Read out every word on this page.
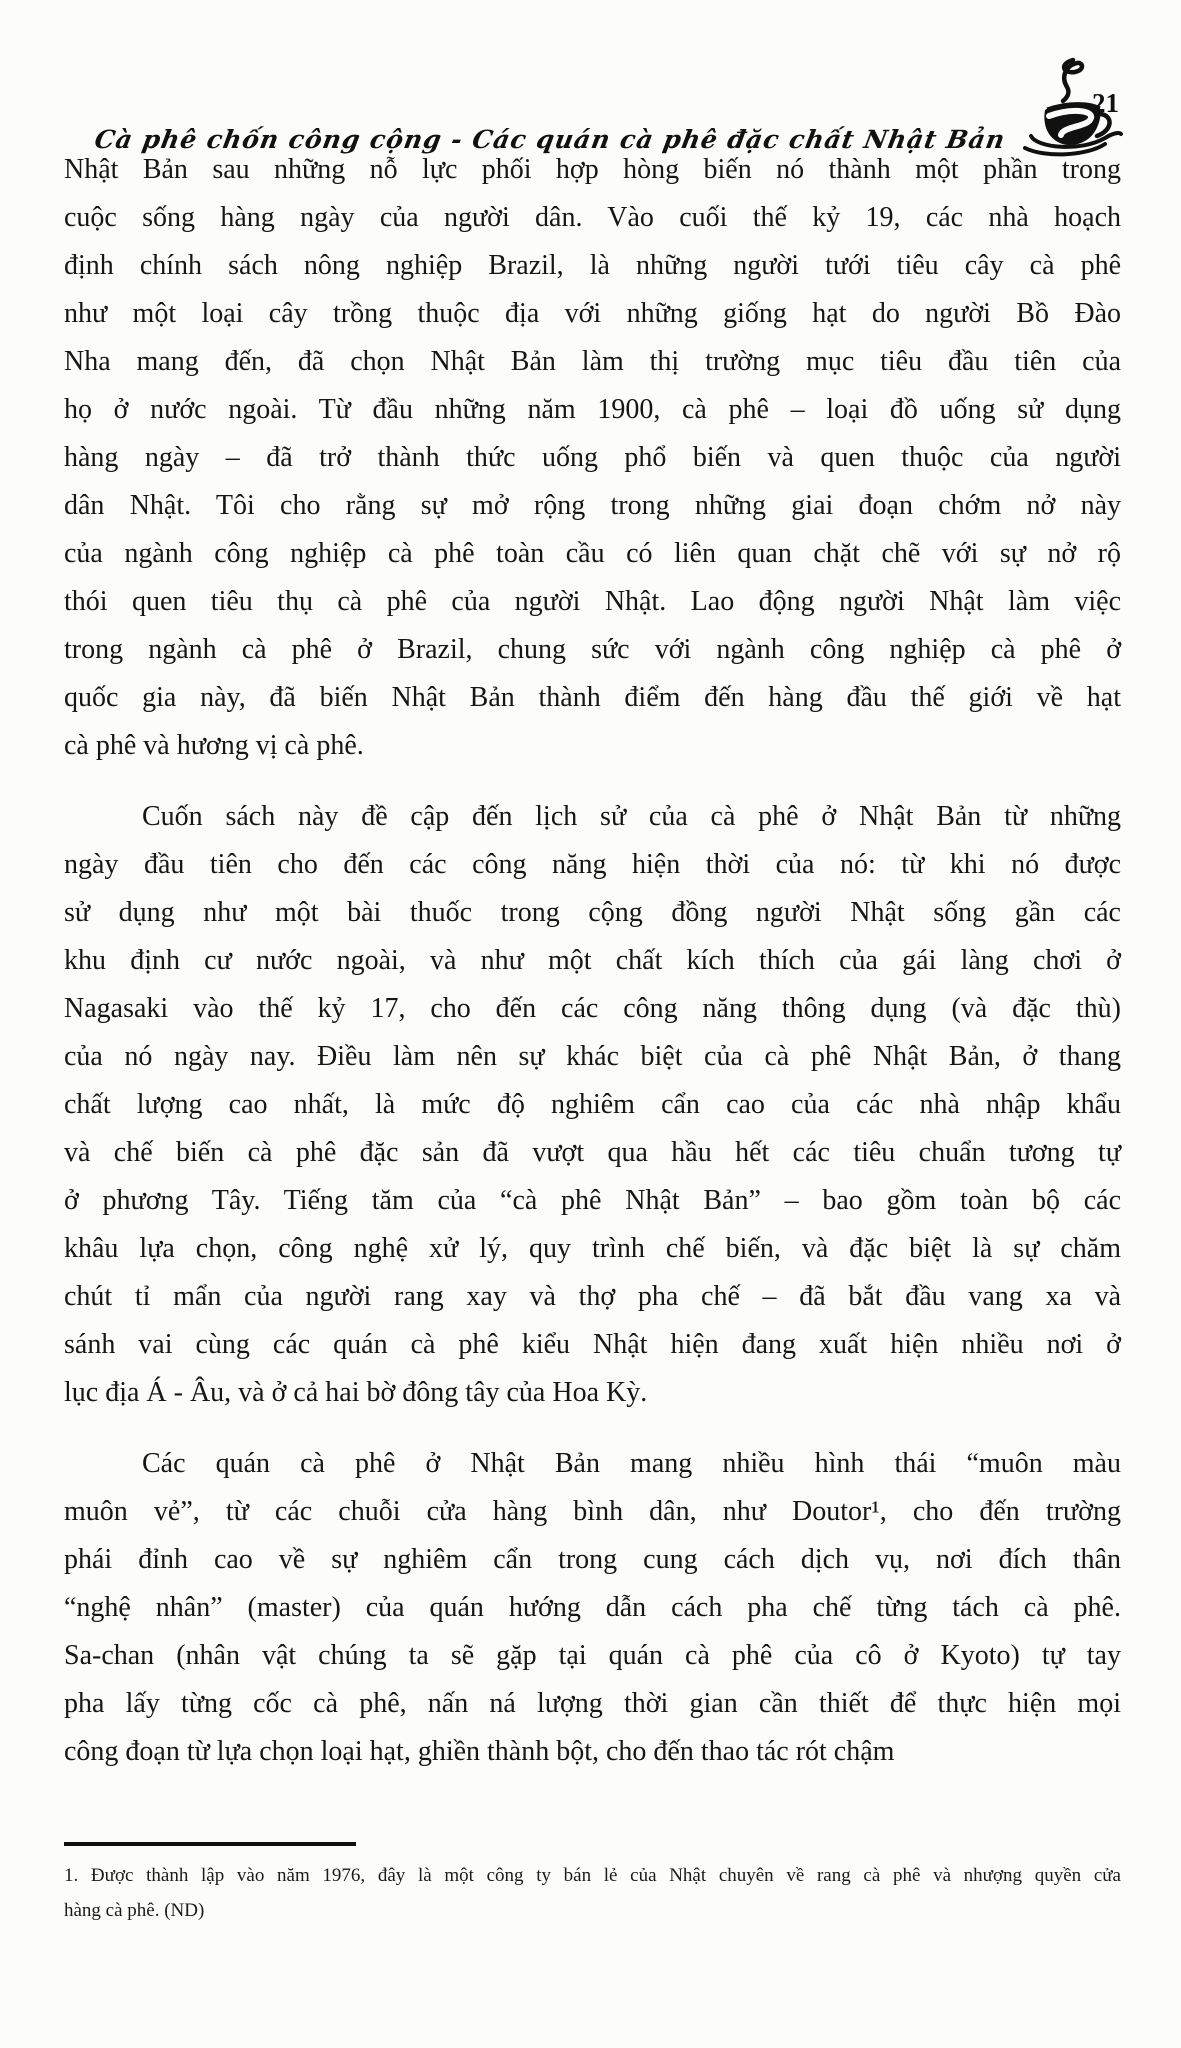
Cà phê chốn công cộng - Các quán cà phê đặc chất Nhật Bản
21
Nhật Bản sau những nỗ lực phối hợp hòng biến nó thành một phần trong
cuộc sống hàng ngày của người dân. Vào cuối thế kỷ 19, các nhà hoạch
định chính sách nông nghiệp Brazil, là những người tưới tiêu cây cà phê
như một loại cây trồng thuộc địa với những giống hạt do người Bồ Đào
Nha mang đến, đã chọn Nhật Bản làm thị trường mục tiêu đầu tiên của
họ ở nước ngoài. Từ đầu những năm 1900, cà phê – loại đồ uống sử dụng
hàng ngày – đã trở thành thức uống phổ biến và quen thuộc của người
dân Nhật. Tôi cho rằng sự mở rộng trong những giai đoạn chớm nở này
của ngành công nghiệp cà phê toàn cầu có liên quan chặt chẽ với sự nở rộ
thói quen tiêu thụ cà phê của người Nhật. Lao động người Nhật làm việc
trong ngành cà phê ở Brazil, chung sức với ngành công nghiệp cà phê ở
quốc gia này, đã biến Nhật Bản thành điểm đến hàng đầu thế giới về hạt
cà phê và hương vị cà phê.
Cuốn sách này đề cập đến lịch sử của cà phê ở Nhật Bản từ những
ngày đầu tiên cho đến các công năng hiện thời của nó: từ khi nó được
sử dụng như một bài thuốc trong cộng đồng người Nhật sống gần các
khu định cư nước ngoài, và như một chất kích thích của gái làng chơi ở
Nagasaki vào thế kỷ 17, cho đến các công năng thông dụng (và đặc thù)
của nó ngày nay. Điều làm nên sự khác biệt của cà phê Nhật Bản, ở thang
chất lượng cao nhất, là mức độ nghiêm cẩn cao của các nhà nhập khẩu
và chế biến cà phê đặc sản đã vượt qua hầu hết các tiêu chuẩn tương tự
ở phương Tây. Tiếng tăm của “cà phê Nhật Bản” – bao gồm toàn bộ các
khâu lựa chọn, công nghệ xử lý, quy trình chế biến, và đặc biệt là sự chăm
chút tỉ mẩn của người rang xay và thợ pha chế – đã bắt đầu vang xa và
sánh vai cùng các quán cà phê kiểu Nhật hiện đang xuất hiện nhiều nơi ở
lục địa Á - Âu, và ở cả hai bờ đông tây của Hoa Kỳ.
Các quán cà phê ở Nhật Bản mang nhiều hình thái “muôn màu
muôn vẻ”, từ các chuỗi cửa hàng bình dân, như Doutor¹, cho đến trường
phái đỉnh cao về sự nghiêm cẩn trong cung cách dịch vụ, nơi đích thân
“nghệ nhân” (master) của quán hướng dẫn cách pha chế từng tách cà phê.
Sa-chan (nhân vật chúng ta sẽ gặp tại quán cà phê của cô ở Kyoto) tự tay
pha lấy từng cốc cà phê, nấn ná lượng thời gian cần thiết để thực hiện mọi
công đoạn từ lựa chọn loại hạt, ghiền thành bột, cho đến thao tác rót chậm
1. Được thành lập vào năm 1976, đây là một công ty bán lẻ của Nhật chuyên về rang cà phê và nhượng quyền cửa
hàng cà phê. (ND)
